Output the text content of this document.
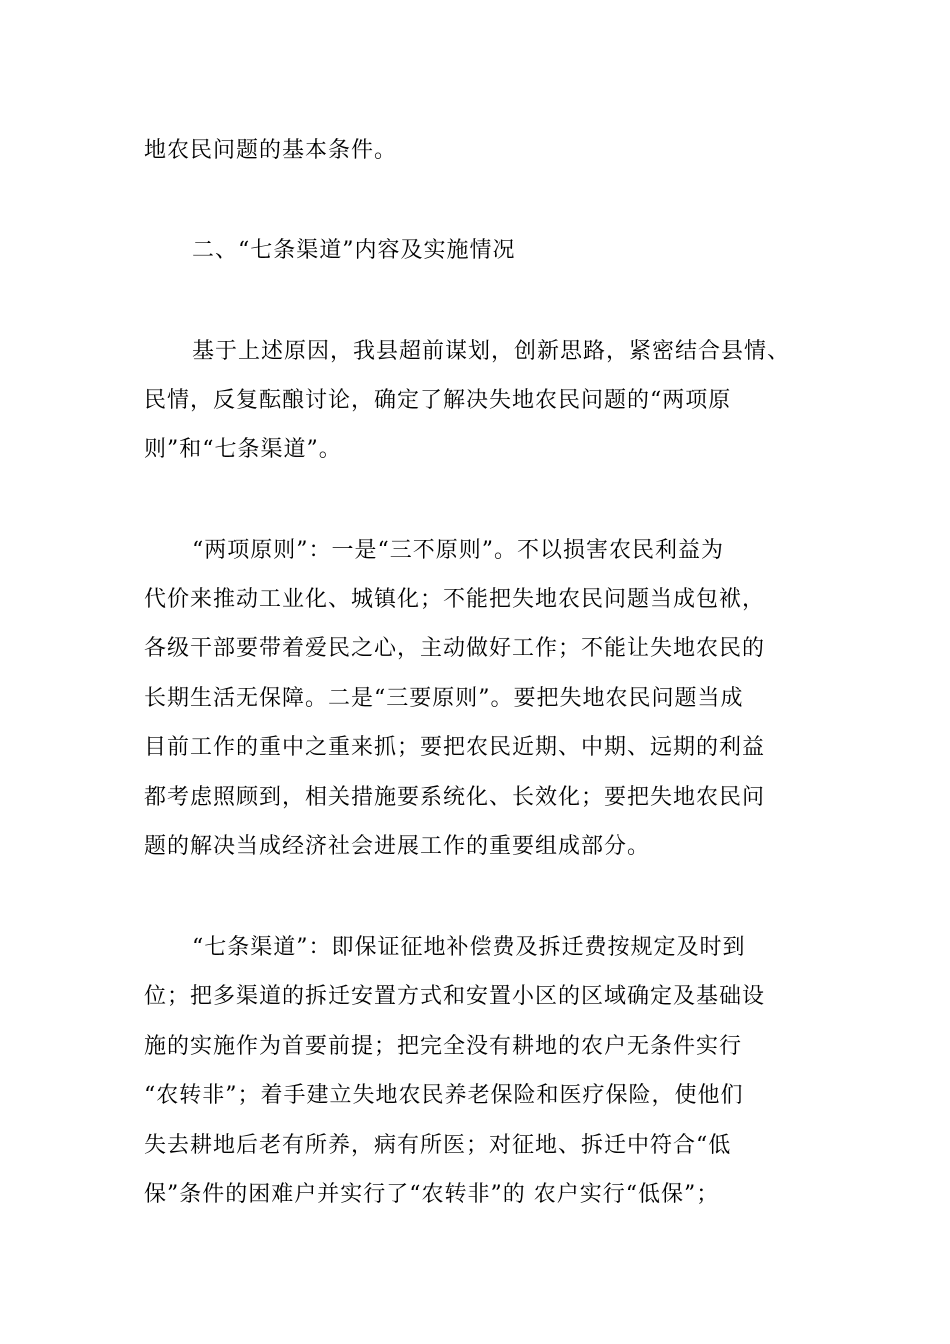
地农民问题的基本条件。
二、“七条渠道”内容及实施情况
基于上述原因，我县超前谋划，创新思路，紧密结合县情、
民情，反复酝酿讨论，确定了解决失地农民问题的“两项原
则”和“七条渠道”。
“两项原则”：一是“三不原则”。不以损害农民利益为
代价来推动工业化、城镇化；不能把失地农民问题当成包袱，
各级干部要带着爱民之心，主动做好工作；不能让失地农民的
长期生活无保障。二是“三要原则”。要把失地农民问题当成
目前工作的重中之重来抓；要把农民近期、中期、远期的利益
都考虑照顾到，相关措施要系统化、长效化；要把失地农民问
题的解决当成经济社会进展工作的重要组成部分。
“七条渠道”：即保证征地补偿费及拆迁费按规定及时到
位；把多渠道的拆迁安置方式和安置小区的区域确定及基础设
施的实施作为首要前提；把完全没有耕地的农户无条件实行
“农转非”；着手建立失地农民养老保险和医疗保险，使他们
失去耕地后老有所养，病有所医；对征地、拆迁中符合“低
保”条件的困难户并实行了“农转非”的 农户实行“低保”；
